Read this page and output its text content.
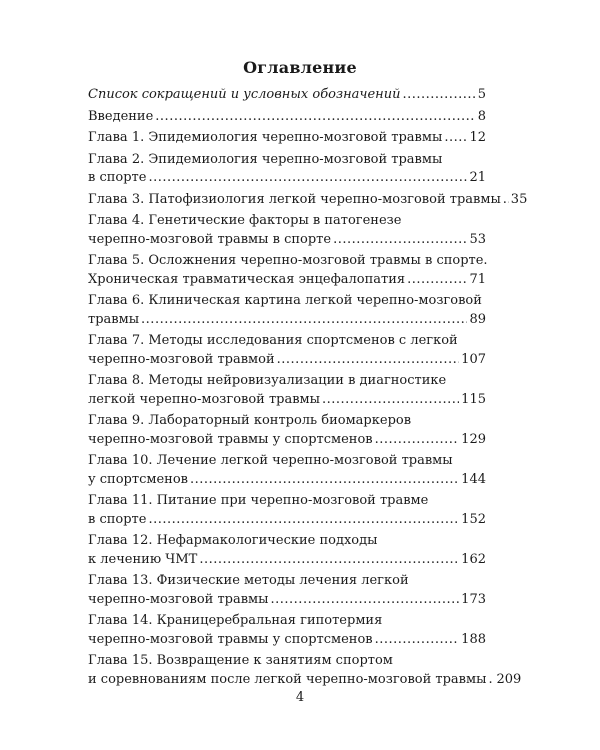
Оглавление
Список сокращений и условных обозначений .....	5
Введение .....	8
Глава 1. Эпидемиология черепно-мозговой травмы ..... 12
Глава 2. Эпидемиология черепно-мозговой травмы
в спорте .....	21
Глава 3. Патофизиология легкой черепно-мозговой травмы ..... 35
Глава 4. Генетические факторы в патогенезе
черепно-мозговой травмы в спорте .....	53
Глава 5. Осложнения черепно-мозговой травмы в спорте.
Хроническая травматическая энцефалопатия .....	71
Глава 6. Клиническая картина легкой черепно-мозговой
травмы .....	89
Глава 7. Методы исследования спортсменов с легкой
черепно-мозговой травмой .....	107
Глава 8. Методы нейровизуализации в диагностике
легкой черепно-мозговой травмы .....	115
Глава 9. Лабораторный контроль биомаркеров
черепно-мозговой травмы у спортсменов .....	129
Глава 10. Лечение легкой черепно-мозговой травмы
у спортсменов .....	144
Глава 11. Питание при черепно-мозговой травме
в спорте .....	152
Глава 12. Нефармакологические подходы
к лечению ЧМТ .....	162
Глава 13. Физические методы лечения легкой
черепно-мозговой травмы .....	173
Глава 14. Краницеребральная гипотермия
черепно-мозговой травмы у спортсменов .....	188
Глава 15. Возвращение к занятиям спортом
и соревнованиям после легкой черепно-мозговой травмы ..... 209
4
